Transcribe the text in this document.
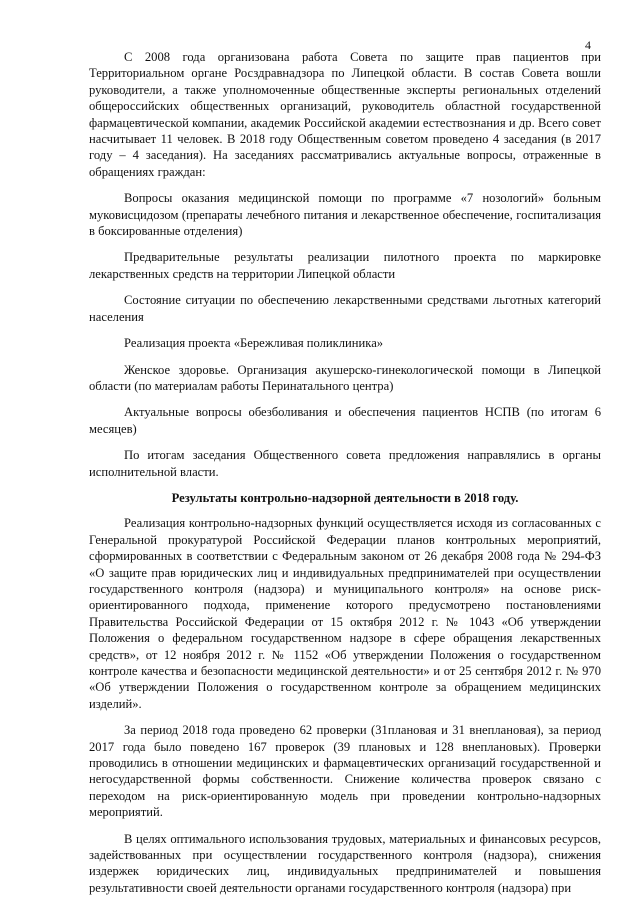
4

С 2008 года организована работа Совета по защите прав пациентов при Территориальном органе Росздравнадзора по Липецкой области. В состав Совета вошли руководители, а также уполномоченные общественные эксперты региональных отделений общероссийских общественных организаций, руководитель областной государственной фармацевтической компании, академик Российской академии естествознания и др. Всего совет насчитывает 11 человек. В 2018 году Общественным советом проведено 4 заседания (в 2017 году – 4 заседания). На заседаниях рассматривались актуальные вопросы, отраженные в обращениях граждан:

Вопросы оказания медицинской помощи по программе «7 нозологий» больным муковисцидозом (препараты лечебного питания и лекарственное обеспечение, госпитализация в боксированные отделения)

Предварительные результаты реализации пилотного проекта по маркировке лекарственных средств на территории Липецкой области

Состояние ситуации по обеспечению лекарственными средствами льготных категорий населения

Реализация проекта «Бережливая поликлиника»

Женское здоровье. Организация акушерско-гинекологической помощи в Липецкой области (по материалам работы Перинатального центра)

Актуальные вопросы обезболивания и обеспечения пациентов НСПВ (по итогам 6 месяцев)

По итогам заседания Общественного совета предложения направлялись в органы исполнительной власти.

Результаты контрольно-надзорной деятельности в 2018 году.

Реализация контрольно-надзорных функций осуществляется исходя из согласованных с Генеральной прокуратурой Российской Федерации планов контрольных мероприятий, сформированных в соответствии с Федеральным законом от 26 декабря 2008 года № 294-ФЗ «О защите прав юридических лиц и индивидуальных предпринимателей при осуществлении государственного контроля (надзора) и муниципального контроля» на основе риск-ориентированного подхода, применение которого предусмотрено постановлениями Правительства Российской Федерации от 15 октября 2012 г. № 1043 «Об утверждении Положения о федеральном государственном надзоре в сфере обращения лекарственных средств», от 12 ноября 2012 г. № 1152 «Об утверждении Положения о государственном контроле качества и безопасности медицинской деятельности» и от 25 сентября 2012 г. № 970 «Об утверждении Положения о государственном контроле за обращением медицинских изделий».

За период 2018 года проведено 62 проверки (31плановая и 31 внеплановая), за период 2017 года было поведено 167 проверок (39 плановых и 128 внеплановых). Проверки проводились в отношении медицинских и фармацевтических организаций государственной и негосударственной формы собственности. Снижение количества проверок связано с переходом на риск-ориентированную модель при проведении контрольно-надзорных мероприятий.

В целях оптимального использования трудовых, материальных и финансовых ресурсов, задействованных при осуществлении государственного контроля (надзора), снижения издержек юридических лиц, индивидуальных предпринимателей и повышения результативности своей деятельности органами государственного контроля (надзора) при
